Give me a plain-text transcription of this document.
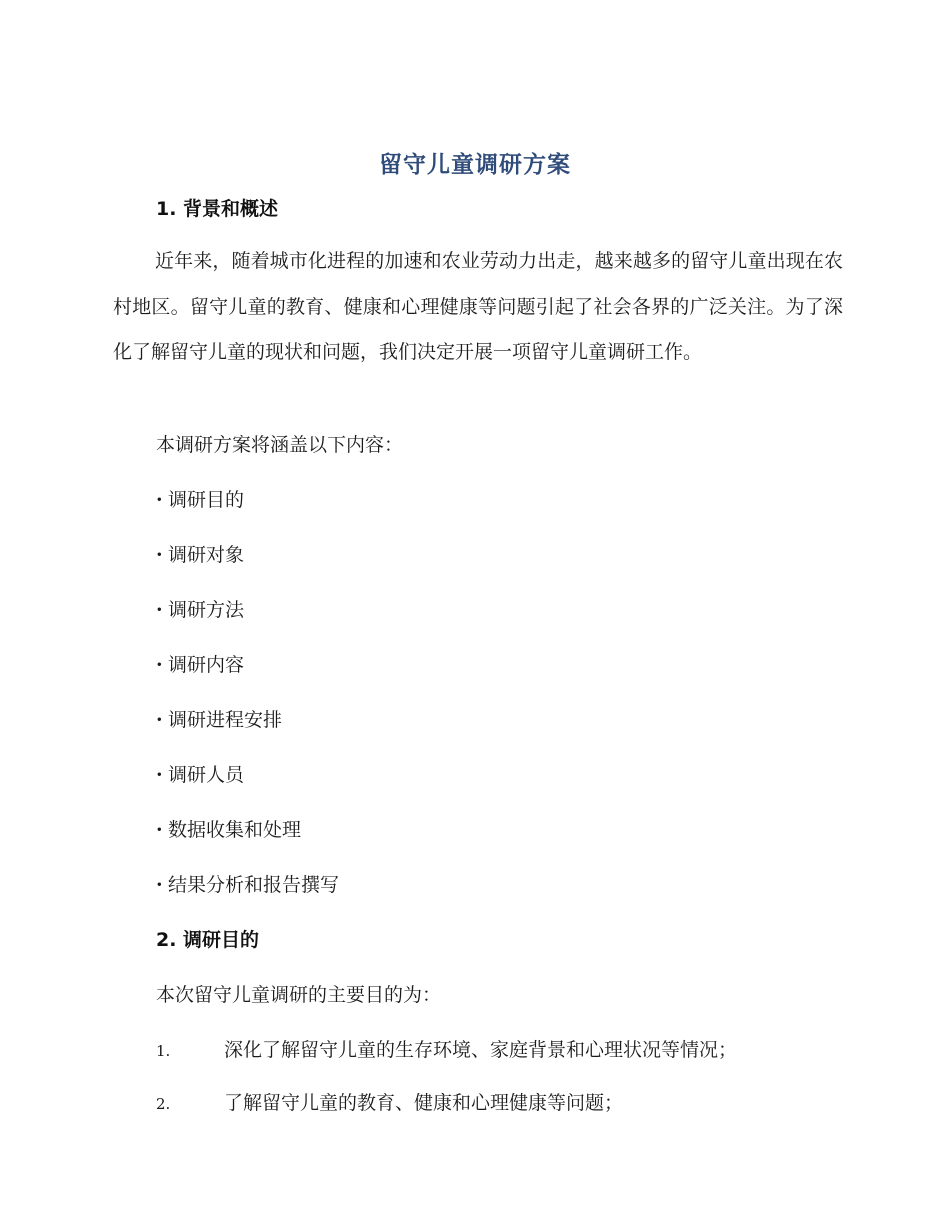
留守儿童调研方案
1. 背景和概述
近年来，随着城市化进程的加速和农业劳动力出走，越来越多的留守儿童出现在农村地区。留守儿童的教育、健康和心理健康等问题引起了社会各界的广泛关注。为了深化了解留守儿童的现状和问题，我们决定开展一项留守儿童调研工作。
本调研方案将涵盖以下内容：
· 调研目的
· 调研对象
· 调研方法
· 调研内容
· 调研进程安排
· 调研人员
· 数据收集和处理
· 结果分析和报告撰写
2. 调研目的
本次留守儿童调研的主要目的为：
1.	深化了解留守儿童的生存环境、家庭背景和心理状况等情况；
2.	了解留守儿童的教育、健康和心理健康等问题；
